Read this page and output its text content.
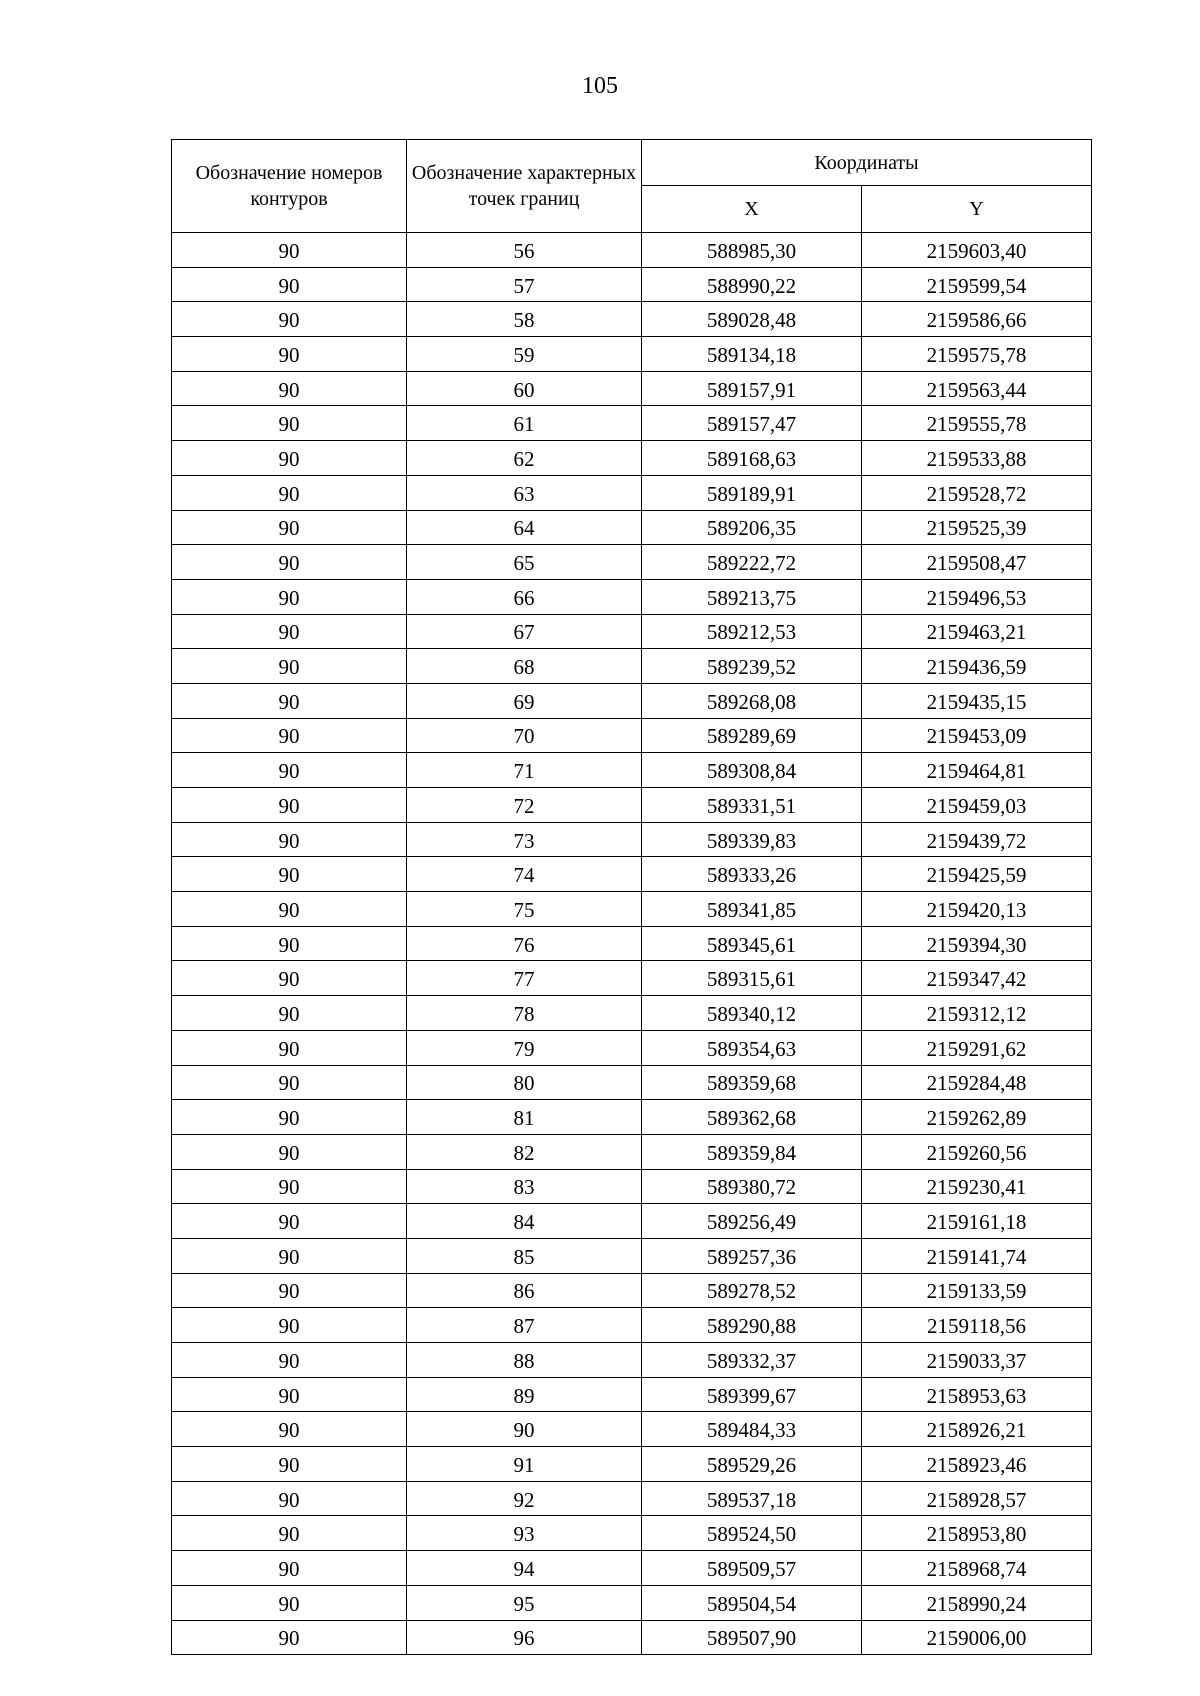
105
Обозначение номеров контуров	Обозначение характерных точек границ	Координаты	
		X	Y
90	56	588985,30	2159603,40
90	57	588990,22	2159599,54
90	58	589028,48	2159586,66
90	59	589134,18	2159575,78
90	60	589157,91	2159563,44
90	61	589157,47	2159555,78
90	62	589168,63	2159533,88
90	63	589189,91	2159528,72
90	64	589206,35	2159525,39
90	65	589222,72	2159508,47
90	66	589213,75	2159496,53
90	67	589212,53	2159463,21
90	68	589239,52	2159436,59
90	69	589268,08	2159435,15
90	70	589289,69	2159453,09
90	71	589308,84	2159464,81
90	72	589331,51	2159459,03
90	73	589339,83	2159439,72
90	74	589333,26	2159425,59
90	75	589341,85	2159420,13
90	76	589345,61	2159394,30
90	77	589315,61	2159347,42
90	78	589340,12	2159312,12
90	79	589354,63	2159291,62
90	80	589359,68	2159284,48
90	81	589362,68	2159262,89
90	82	589359,84	2159260,56
90	83	589380,72	2159230,41
90	84	589256,49	2159161,18
90	85	589257,36	2159141,74
90	86	589278,52	2159133,59
90	87	589290,88	2159118,56
90	88	589332,37	2159033,37
90	89	589399,67	2158953,63
90	90	589484,33	2158926,21
90	91	589529,26	2158923,46
90	92	589537,18	2158928,57
90	93	589524,50	2158953,80
90	94	589509,57	2158968,74
90	95	589504,54	2158990,24
90	96	589507,90	2159006,00
